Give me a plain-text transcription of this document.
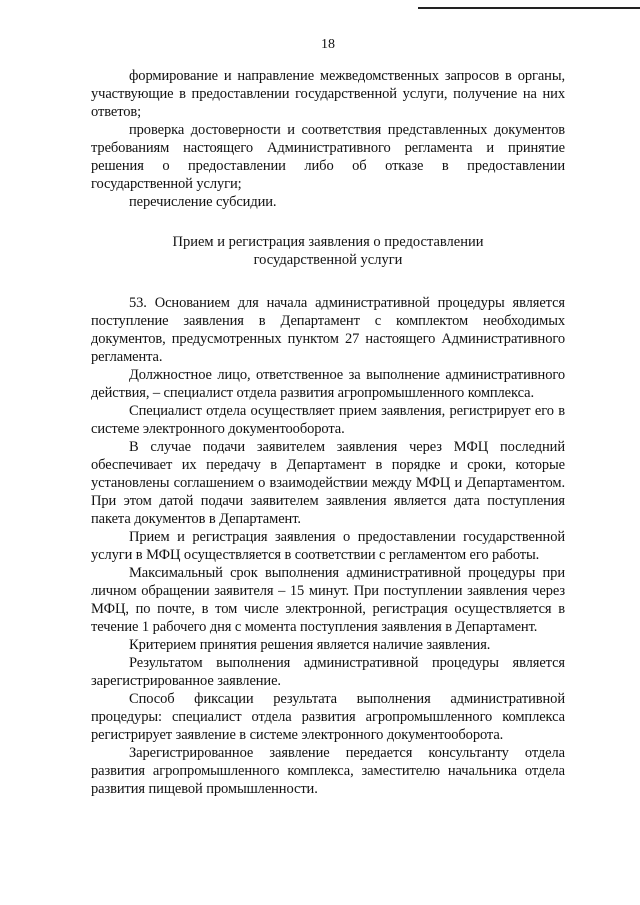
18

формирование и направление межведомственных запросов в органы, участвующие в предоставлении государственной услуги, получение на них ответов;

проверка достоверности и соответствия представленных документов требованиям настоящего Административного регламента и принятие решения о предоставлении либо об отказе в предоставлении государственной услуги;

перечисление субсидии.

Прием и регистрация заявления о предоставлении
государственной услуги

53. Основанием для начала административной процедуры является поступление заявления в Департамент с комплектом необходимых документов, предусмотренных пунктом 27 настоящего Административного регламента.

Должностное лицо, ответственное за выполнение административного действия, – специалист отдела развития агропромышленного комплекса.

Специалист отдела осуществляет прием заявления, регистрирует его в системе электронного документооборота.

В случае подачи заявителем заявления через МФЦ последний обеспечивает их передачу в Департамент в порядке и сроки, которые установлены соглашением о взаимодействии между МФЦ и Департаментом. При этом датой подачи заявителем заявления является дата поступления пакета документов в Департамент.

Прием и регистрация заявления о предоставлении государственной услуги в МФЦ осуществляется в соответствии с регламентом его работы.

Максимальный срок выполнения административной процедуры при личном обращении заявителя – 15 минут. При поступлении заявления через МФЦ, по почте, в том числе электронной, регистрация осуществляется в течение 1 рабочего дня с момента поступления заявления в Департамент.

Критерием принятия решения является наличие заявления.

Результатом выполнения административной процедуры является зарегистрированное заявление.

Способ фиксации результата выполнения административной процедуры: специалист отдела развития агропромышленного комплекса регистрирует заявление в системе электронного документооборота.

Зарегистрированное заявление передается консультанту отдела развития агропромышленного комплекса, заместителю начальника отдела развития пищевой промышленности.
